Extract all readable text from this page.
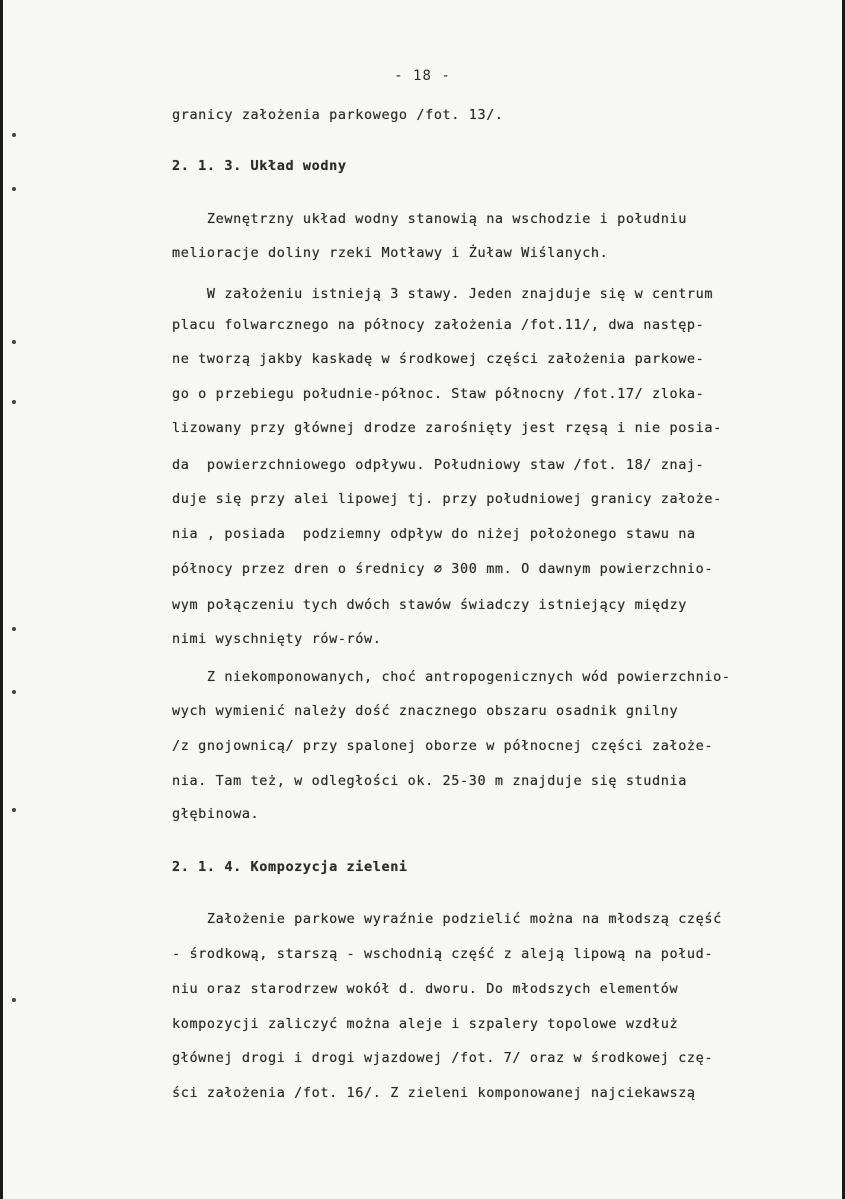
- 18 -
granicy założenia parkowego /fot. 13/.
2. 1. 3. Układ wodny
Zewnętrzny układ wodny stanowią na wschodzie i południu
melioracje doliny rzeki Motławy i Żuław Wiślanych.
W założeniu istnieją 3 stawy. Jeden znajduje się w centrum
placu folwarcznego na północy założenia /fot.11/, dwa następ-
ne tworzą jakby kaskadę w środkowej części założenia parkowe-
go o przebiegu południe-północ. Staw północny /fot.17/ zloka-
lizowany przy głównej drodze zarośnięty jest rzęsą i nie posia-
da  powierzchniowego odpływu. Południowy staw /fot. 18/ znaj-
duje się przy alei lipowej tj. przy południowej granicy założe-
nia , posiada  podziemny odpływ do niżej położonego stawu na
północy przez dren o średnicy ∅ 300 mm. O dawnym powierzchnio-
wym połączeniu tych dwóch stawów świadczy istniejący między
nimi wyschnięty rów-rów.
Z niekomponowanych, choć antropogenicznych wód powierzchnio-
wych wymienić należy dość znacznego obszaru osadnik gnilny
/z gnojownicą/ przy spalonej oborze w północnej części założe-
nia. Tam też, w odległości ok. 25-30 m znajduje się studnia
głębinowa.
2. 1. 4. Kompozycja zieleni
Założenie parkowe wyraźnie podzielić można na młodszą część
- środkową, starszą - wschodnią część z aleją lipową na połud-
niu oraz starodrzew wokół d. dworu. Do młodszych elementów
kompozycji zaliczyć można aleje i szpalery topolowe wzdłuż
głównej drogi i drogi wjazdowej /fot. 7/ oraz w środkowej czę-
ści założenia /fot. 16/. Z zieleni komponowanej najciekawszą
